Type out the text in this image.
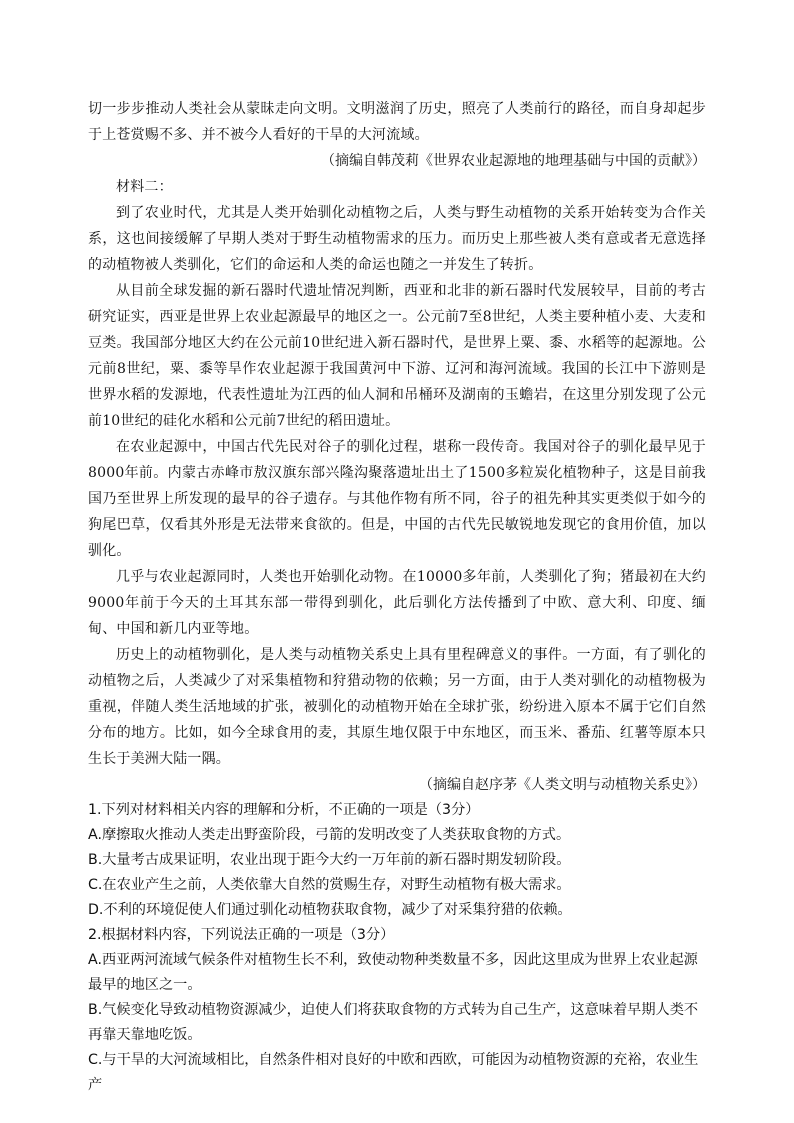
切一步步推动人类社会从蒙昧走向文明。文明滋润了历史，照亮了人类前行的路径，而自身却起步于上苍赏赐不多、并不被今人看好的干旱的大河流域。

（摘编自韩茂莉《世界农业起源地的地理基础与中国的贡献》）

材料二：

到了农业时代，尤其是人类开始驯化动植物之后，人类与野生动植物的关系开始转变为合作关系，这也间接缓解了早期人类对于野生动植物需求的压力。而历史上那些被人类有意或者无意选择的动植物被人类驯化，它们的命运和人类的命运也随之一并发生了转折。

从目前全球发掘的新石器时代遗址情况判断，西亚和北非的新石器时代发展较早，目前的考古研究证实，西亚是世界上农业起源最早的地区之一。公元前7至8世纪，人类主要种植小麦、大麦和豆类。我国部分地区大约在公元前10世纪进入新石器时代，是世界上粟、黍、水稻等的起源地。公元前8世纪，粟、黍等旱作农业起源于我国黄河中下游、辽河和海河流域。我国的长江中下游则是世界水稻的发源地，代表性遗址为江西的仙人洞和吊桶环及湖南的玉蟾岩，在这里分别发现了公元前10世纪的硅化水稻和公元前7世纪的稻田遗址。

在农业起源中，中国古代先民对谷子的驯化过程，堪称一段传奇。我国对谷子的驯化最早见于8000年前。内蒙古赤峰市敖汉旗东部兴隆沟聚落遗址出土了1500多粒炭化植物种子，这是目前我国乃至世界上所发现的最早的谷子遗存。与其他作物有所不同，谷子的祖先种其实更类似于如今的狗尾巴草，仅看其外形是无法带来食欲的。但是，中国的古代先民敏锐地发现它的食用价值，加以驯化。

几乎与农业起源同时，人类也开始驯化动物。在10000多年前，人类驯化了狗；猪最初在大约9000年前于今天的土耳其东部一带得到驯化，此后驯化方法传播到了中欧、意大利、印度、缅甸、中国和新几内亚等地。

历史上的动植物驯化，是人类与动植物关系史上具有里程碑意义的事件。一方面，有了驯化的动植物之后，人类减少了对采集植物和狩猎动物的依赖；另一方面，由于人类对驯化的动植物极为重视，伴随人类生活地域的扩张，被驯化的动植物开始在全球扩张，纷纷进入原本不属于它们自然分布的地方。比如，如今全球食用的麦，其原生地仅限于中东地区，而玉米、番茄、红薯等原本只生长于美洲大陆一隅。

（摘编自赵序茅《人类文明与动植物关系史》）

1.下列对材料相关内容的理解和分析，不正确的一项是（3分）

A.摩擦取火推动人类走出野蛮阶段，弓箭的发明改变了人类获取食物的方式。

B.大量考古成果证明，农业出现于距今大约一万年前的新石器时期发轫阶段。

C.在农业产生之前，人类依靠大自然的赏赐生存，对野生动植物有极大需求。

D.不利的环境促使人们通过驯化动植物获取食物，减少了对采集狩猎的依赖。

2.根据材料内容，下列说法正确的一项是（3分）

A.西亚两河流域气候条件对植物生长不利，致使动物种类数量不多，因此这里成为世界上农业起源最早的地区之一。

B.气候变化导致动植物资源减少，迫使人们将获取食物的方式转为自己生产，这意味着早期人类不再靠天靠地吃饭。

C.与干旱的大河流域相比，自然条件相对良好的中欧和西欧，可能因为动植物资源的充裕，农业生产
